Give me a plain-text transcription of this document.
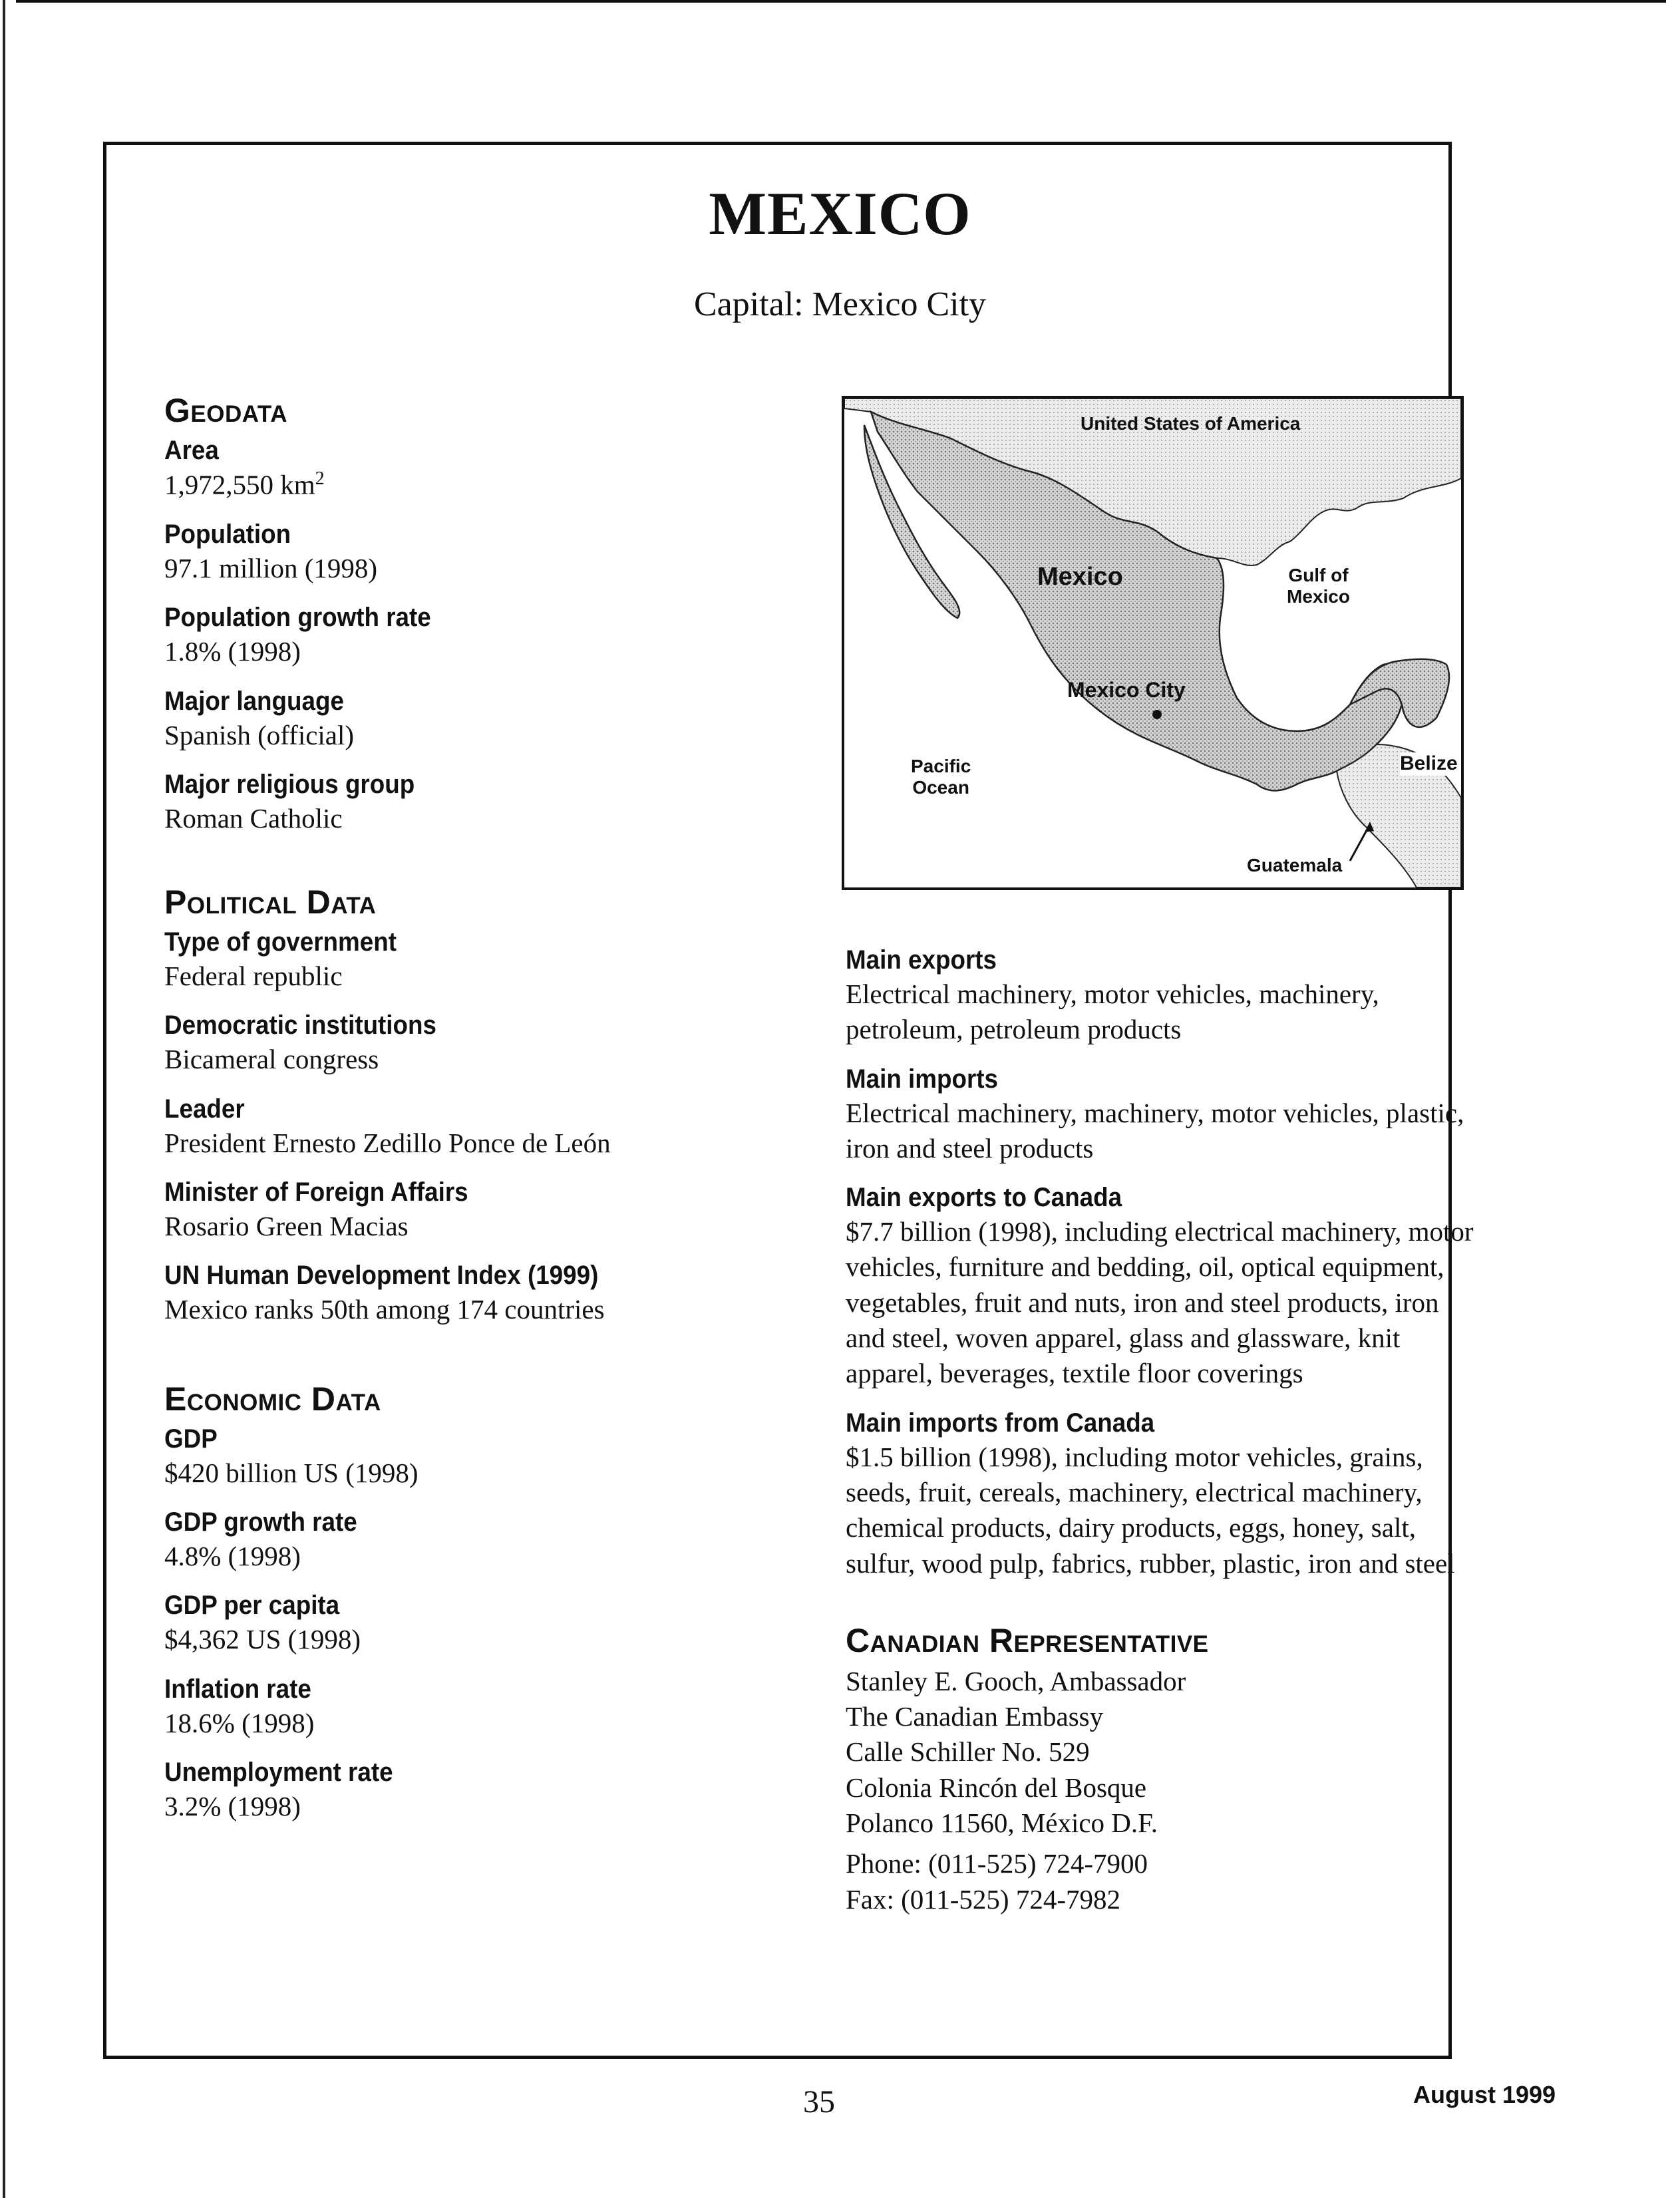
MEXICO
Capital: Mexico City
Geodata

Area

1,972,550 $km^2$

Population

97.1 million (1998)

Population growth rate

1.8% (1998)

Major language

Spanish (official)

Major religious group

Roman Catholic

Political Data

Type of government

Federal republic

Democratic institutions

Bicameral congress

Leader

President Ernesto Zedillo Ponce de León

Minister of Foreign Affairs

Rosario Green Macias

UN Human Development Index (1999)

Mexico ranks 50th among 174 countries

Economic Data

GDP

$420 billion US (1998)

GDP growth rate

4.8% (1998)

GDP per capita

$4,362 US (1998)

Inflation rate

18.6% (1998)

Unemployment rate

3.2% (1998)

United States of America
Mexico	Gulf of
Mexico
Mexico City
Pacific
Ocean
Belize
Guatemala

Main exports

Electrical machinery, motor vehicles, machinery, petroleum, petroleum products

Main imports

Electrical machinery, machinery, motor vehicles, plastic, iron and steel products

Main exports to Canada

$7.7 billion (1998), including electrical machinery, motor vehicles, furniture and bedding, oil, optical equipment, vegetables, fruit and nuts, iron and steel products, iron and steel, woven apparel, glass and glassware, knit apparel, beverages, textile floor coverings

Main imports from Canada

$1.5 billion (1998), including motor vehicles, grains, seeds, fruit, cereals, machinery, electrical machinery, chemical products, dairy products, eggs, honey, salt, sulfur, wood pulp, fabrics, rubber, plastic, iron and steel

Canadian Representative

Stanley E. Gooch, Ambassador
The Canadian Embassy
Calle Schiller No. 529
Colonia Rincón del Bosque
Polanco 11560, México D.F.

Phone: (011-525) 724-7900
Fax: (011-525) 724-7982

35	August 1999
